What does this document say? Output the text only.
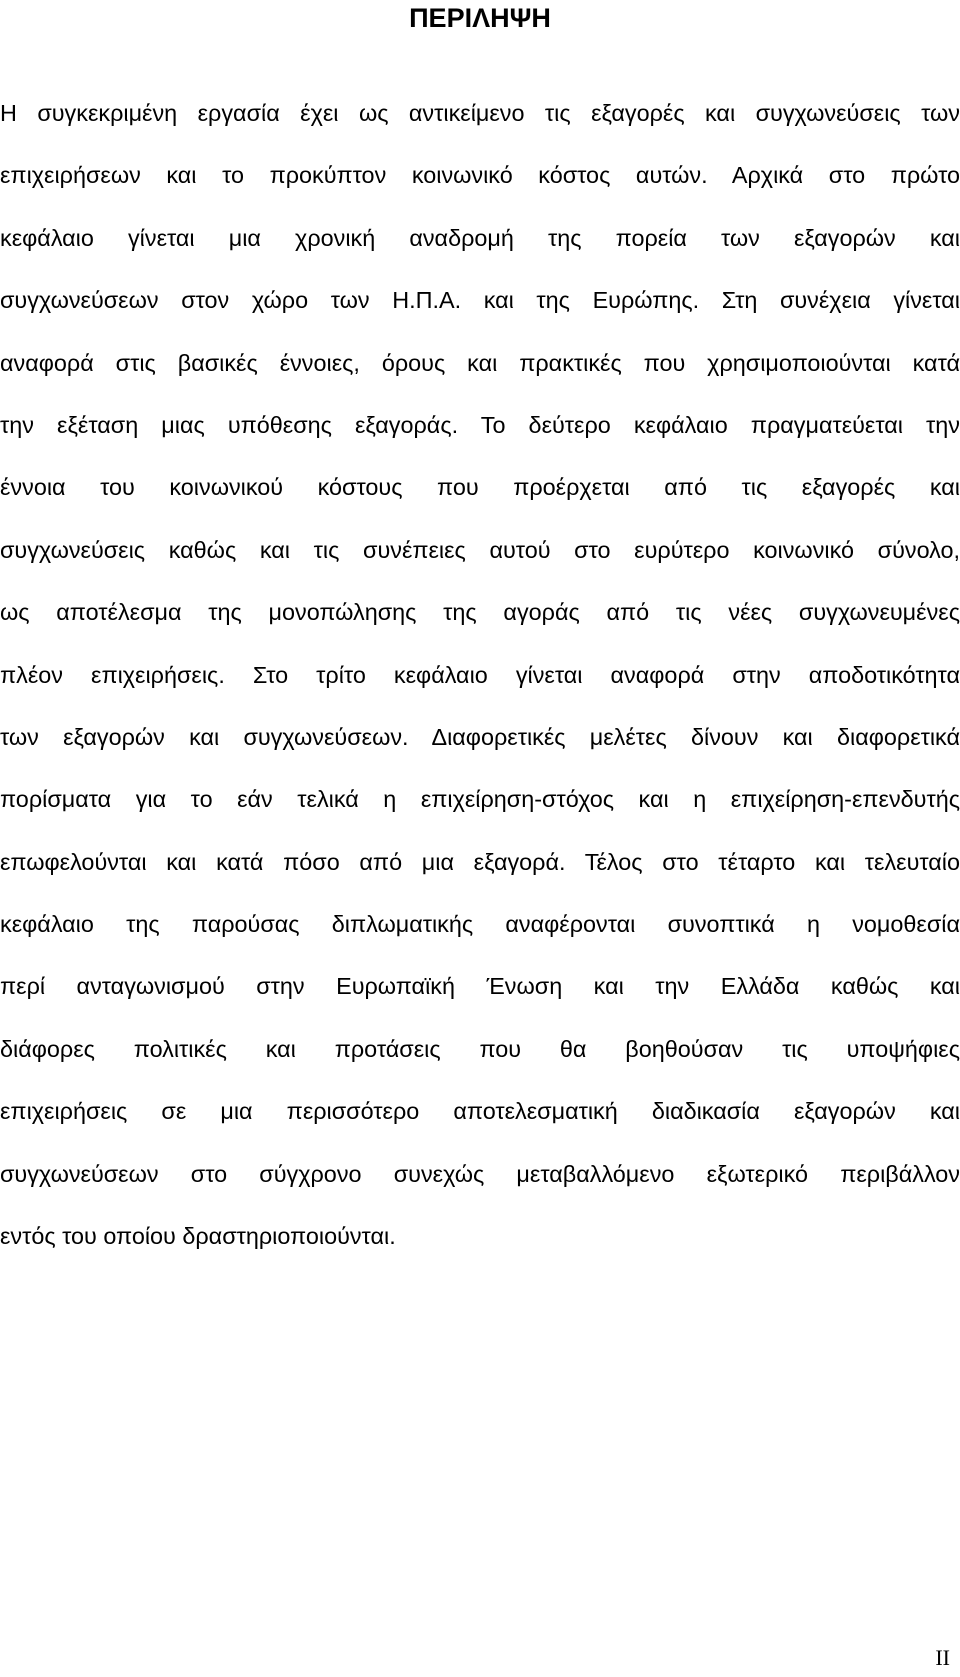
ΠΕΡΙΛΗΨΗ
Η συγκεκριμένη εργασία έχει ως αντικείμενο τις εξαγορές και συγχωνεύσεις των
επιχειρήσεων και το προκύπτον κοινωνικό κόστος αυτών. Αρχικά στο πρώτο
κεφάλαιο γίνεται μια χρονική αναδρομή της πορεία των εξαγορών και
συγχωνεύσεων στον χώρο των Η.Π.Α. και της Ευρώπης. Στη συνέχεια γίνεται
αναφορά στις βασικές έννοιες, όρους και πρακτικές που χρησιμοποιούνται κατά
την εξέταση μιας υπόθεσης εξαγοράς. Το δεύτερο κεφάλαιο πραγματεύεται την
έννοια του κοινωνικού κόστους που προέρχεται από τις εξαγορές και
συγχωνεύσεις καθώς και τις συνέπειες αυτού στο ευρύτερο κοινωνικό σύνολο,
ως αποτέλεσμα της μονοπώλησης της αγοράς από τις νέες συγχωνευμένες
πλέον επιχειρήσεις. Στο τρίτο κεφάλαιο γίνεται αναφορά στην αποδοτικότητα
των εξαγορών και συγχωνεύσεων. Διαφορετικές μελέτες δίνουν και διαφορετικά
πορίσματα για το εάν τελικά η επιχείρηση-στόχος και η επιχείρηση-επενδυτής
επωφελούνται και κατά πόσο από μια εξαγορά. Τέλος στο τέταρτο και τελευταίο
κεφάλαιο της παρούσας διπλωματικής αναφέρονται συνοπτικά η νομοθεσία
περί ανταγωνισμού στην Ευρωπαϊκή Ένωση και την Ελλάδα καθώς και
διάφορες πολιτικές και προτάσεις που θα βοηθούσαν τις υποψήφιες
επιχειρήσεις σε μια περισσότερο αποτελεσματική διαδικασία εξαγορών και
συγχωνεύσεων στο σύγχρονο συνεχώς μεταβαλλόμενο εξωτερικό περιβάλλον
εντός του οποίου δραστηριοποιούνται.
II
